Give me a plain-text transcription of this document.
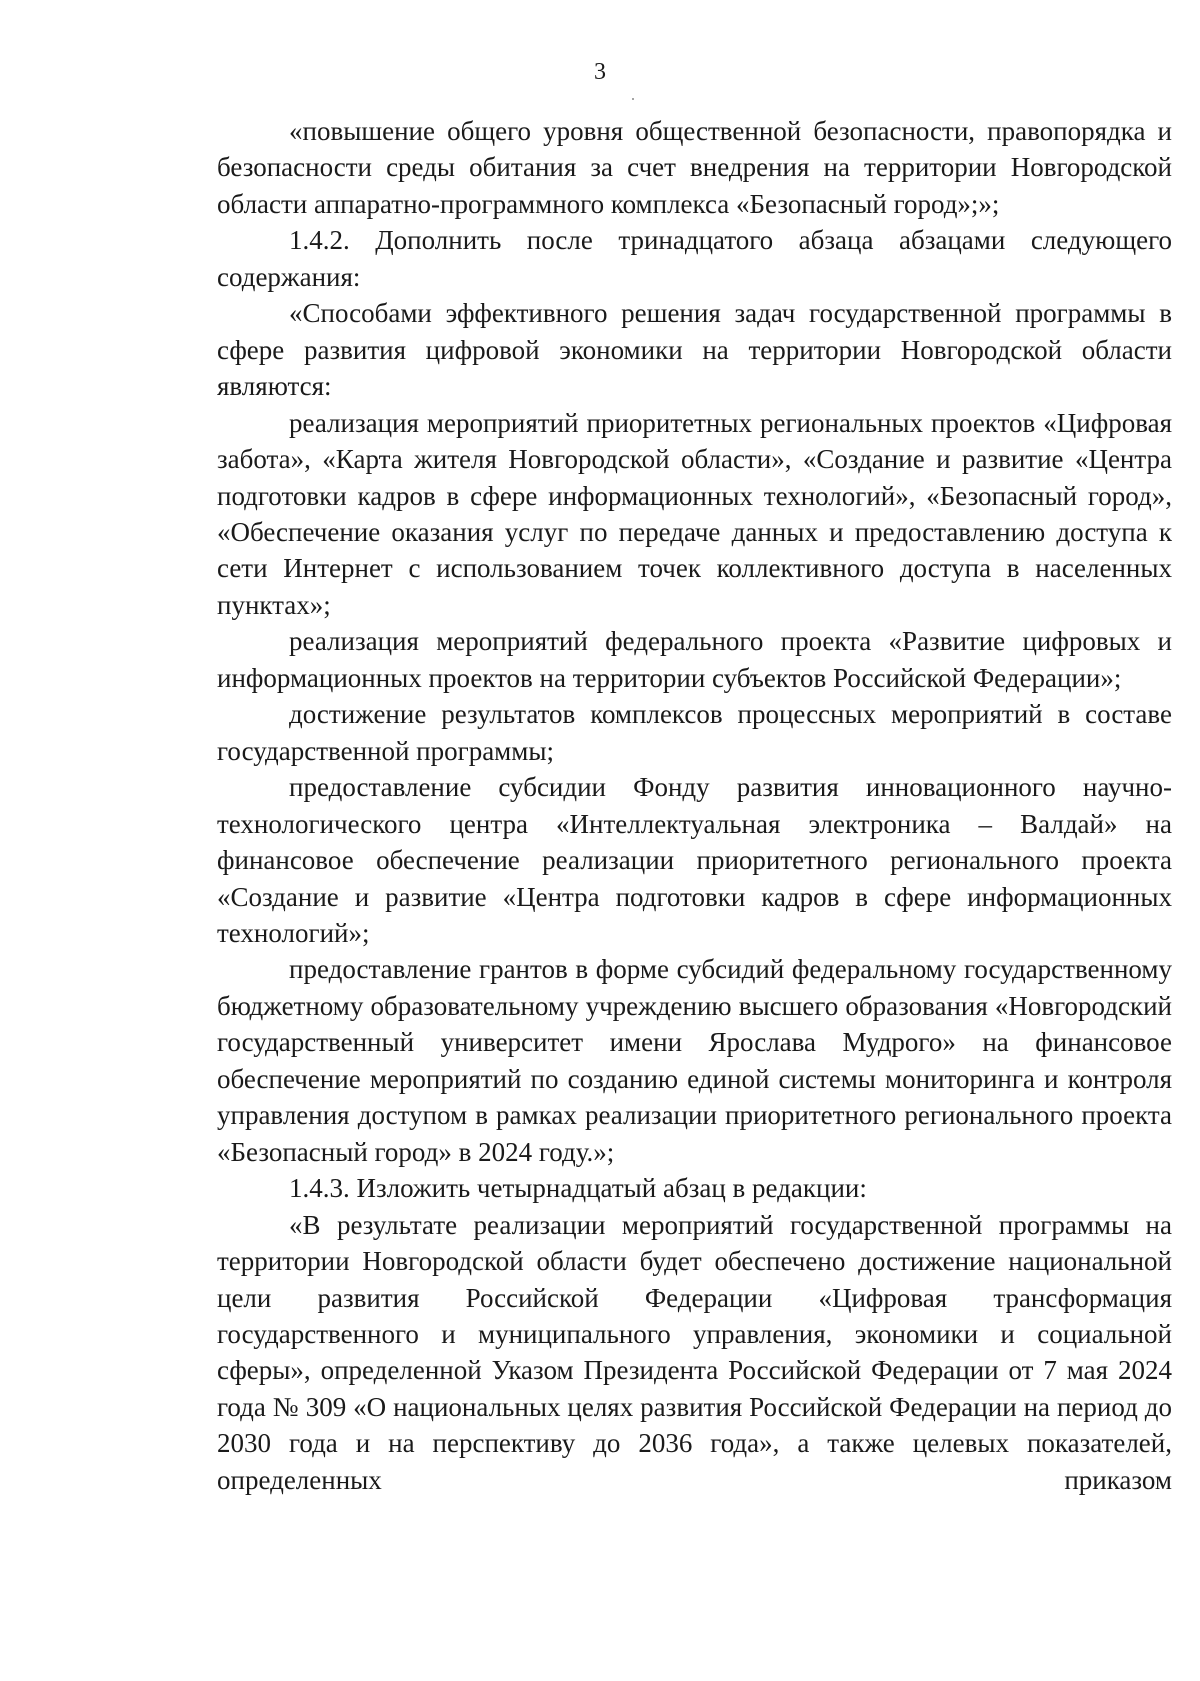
3

«повышение общего уровня общественной безопасности, правопорядка и безопасности среды обитания за счет внедрения на территории Новгородской области аппаратно-программного комплекса «Безопасный город»;»;

1.4.2. Дополнить после тринадцатого абзаца абзацами следующего содержания:

«Способами эффективного решения задач государственной программы в сфере развития цифровой экономики на территории Новгородской области являются:

реализация мероприятий приоритетных региональных проектов «Цифровая забота», «Карта жителя Новгородской области», «Создание и развитие «Центра подготовки кадров в сфере информационных технологий», «Безопасный город», «Обеспечение оказания услуг по передаче данных и предоставлению доступа к сети Интернет с использованием точек коллективного доступа в населенных пунктах»;

реализация мероприятий федерального проекта «Развитие цифровых и информационных проектов на территории субъектов Российской Федерации»;

достижение результатов комплексов процессных мероприятий в составе государственной программы;

предоставление субсидии Фонду развития инновационного научно-технологического центра «Интеллектуальная электроника – Валдай» на финансовое обеспечение реализации приоритетного регионального проекта «Создание и развитие «Центра подготовки кадров в сфере информационных технологий»;

предоставление грантов в форме субсидий федеральному государственному бюджетному образовательному учреждению высшего образования «Новгородский государственный университет имени Ярослава Мудрого» на финансовое обеспечение мероприятий по созданию единой системы мониторинга и контроля управления доступом в рамках реализации приоритетного регионального проекта «Безопасный город» в 2024 году.»;

1.4.3. Изложить четырнадцатый абзац в редакции:

«В результате реализации мероприятий государственной программы на территории Новгородской области будет обеспечено достижение национальной цели развития Российской Федерации «Цифровая трансформация государственного и муниципального управления, экономики и социальной сферы», определенной Указом Президента Российской Федерации от 7 мая 2024 года № 309 «О национальных целях развития Российской Федерации на период до 2030 года и на перспективу до 2036 года», а также целевых показателей, определенных приказом
